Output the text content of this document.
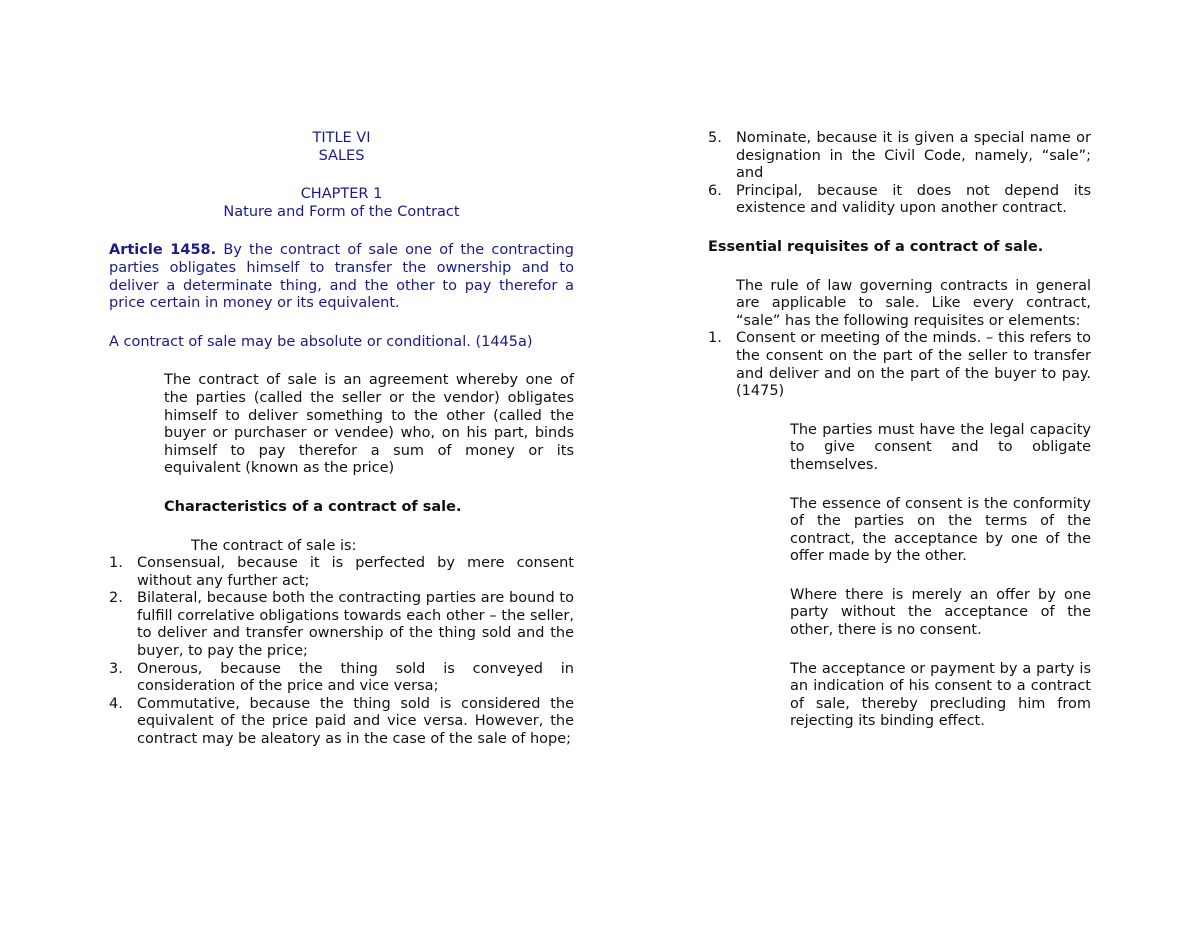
TITLE VI

SALES

CHAPTER 1

Nature and Form of the Contract

Article 1458. By the contract of sale one of the contracting parties obligates himself to transfer the ownership and to deliver a determinate thing, and the other to pay therefor a price certain in money or its equivalent.

A contract of sale may be absolute or conditional. (1445a)

The contract of sale is an agreement whereby one of the parties (called the seller or the vendor) obligates himself to deliver something to the other (called the buyer or purchaser or vendee) who, on his part, binds himself to pay therefor a sum of money or its equivalent (known as the price)

Characteristics of a contract of sale.

The contract of sale is:

1. Consensual, because it is perfected by mere consent without any further act;
2. Bilateral, because both the contracting parties are bound to fulfill correlative obligations towards each other – the seller, to deliver and transfer ownership of the thing sold and the buyer, to pay the price;
3. Onerous, because the thing sold is conveyed in consideration of the price and vice versa;
4. Commutative, because the thing sold is considered the equivalent of the price paid and vice versa. However, the contract may be aleatory as in the case of the sale of hope;
5. Nominate, because it is given a special name or designation in the Civil Code, namely, “sale”; and
6. Principal, because it does not depend its existence and validity upon another contract.

Essential requisites of a contract of sale.

The rule of law governing contracts in general are applicable to sale. Like every contract, “sale” has the following requisites or elements:

1. Consent or meeting of the minds. – this refers to the consent on the part of the seller to transfer and deliver and on the part of the buyer to pay. (1475)

The parties must have the legal capacity to give consent and to obligate themselves.

The essence of consent is the conformity of the parties on the terms of the contract, the acceptance by one of the offer made by the other.

Where there is merely an offer by one party without the acceptance of the other, there is no consent.

The acceptance or payment by a party is an indication of his consent to a contract of sale, thereby precluding him from rejecting its binding effect.
